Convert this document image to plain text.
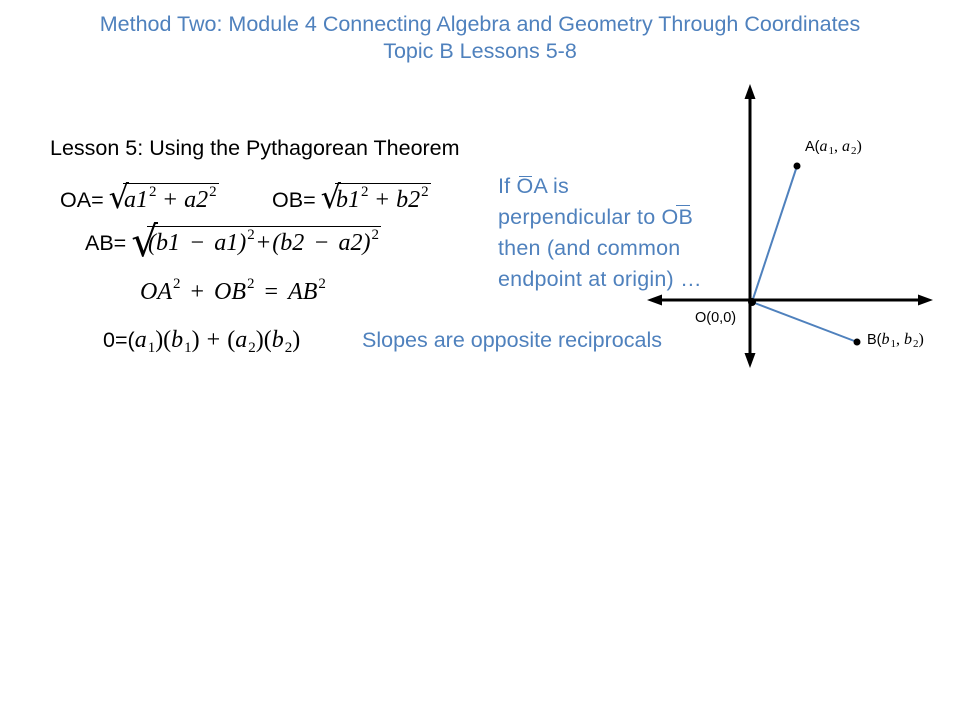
Method Two: Module 4 Connecting Algebra and Geometry Through Coordinates
Topic B Lessons 5-8
Lesson 5: Using the Pythagorean Theorem
$OA= √a1^2 + a2^2$	$OB= √b1^2 + b2^2$
$AB= √(b1 - a1)^2+(b2 - a2)^2$
$OA^2 + OB^2 = AB^2$
$0=(a_1)(b_1) + (a_2)(b_2)$	Slopes are opposite reciprocals
If OA is
perpendicular to OB
then (and common
endpoint at origin) …
O(0,0)
$A(a_1$, $a_2$)
$B(b_1$, $b_2$)
